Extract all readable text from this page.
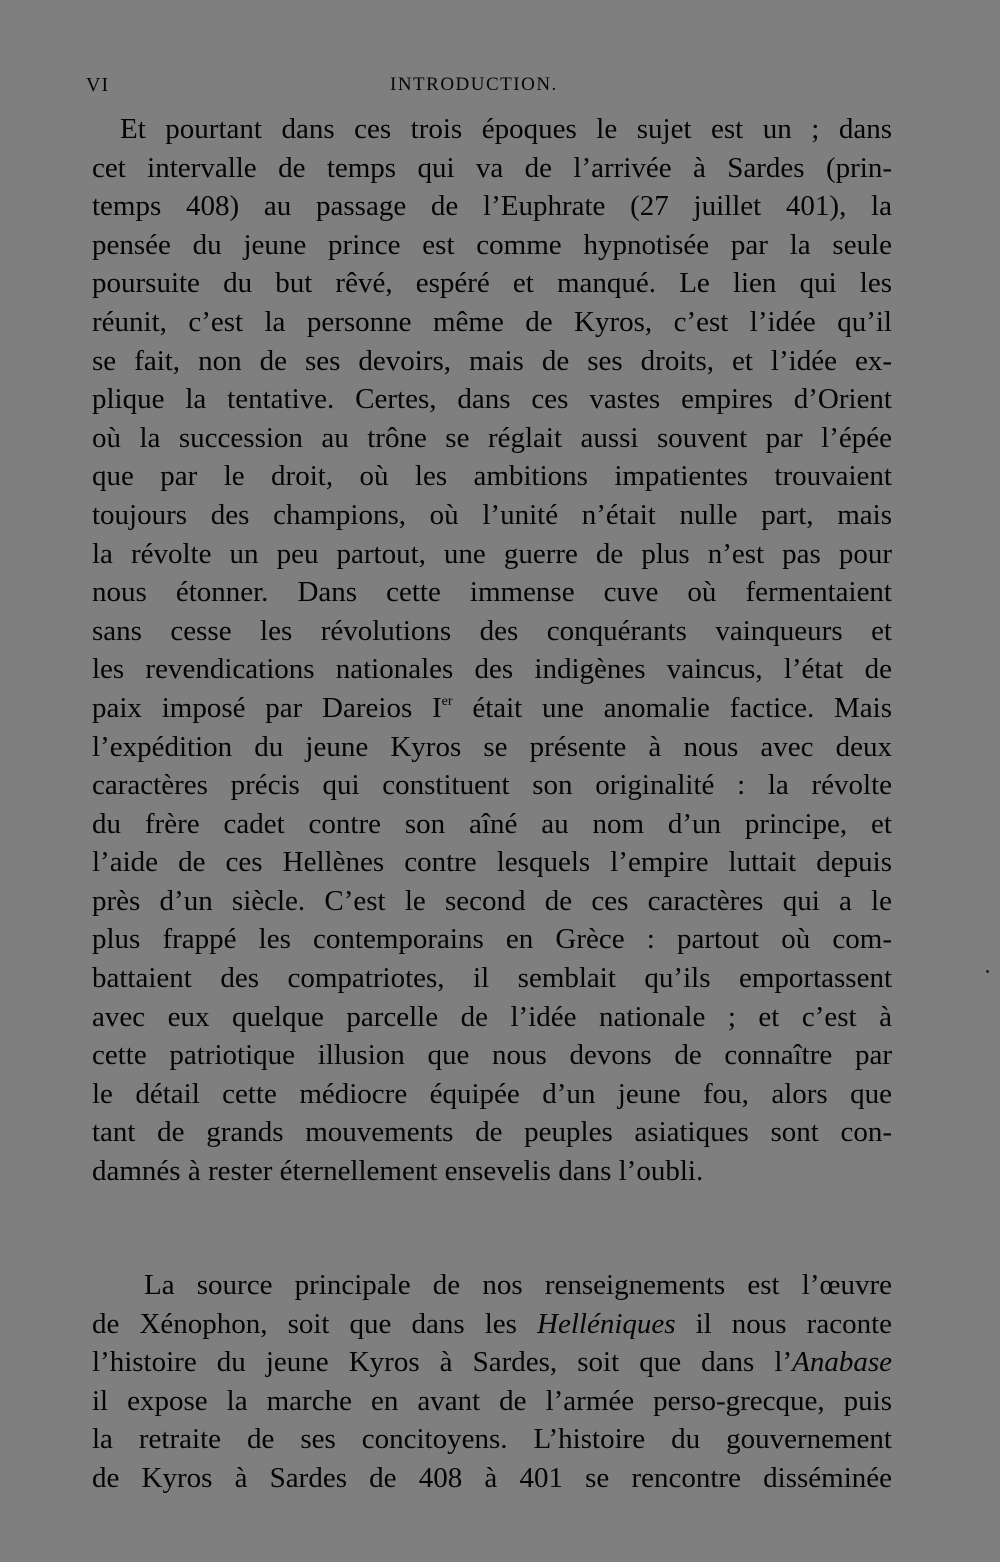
VI	INTRODUCTION.
Et pourtant dans ces trois époques le sujet est un ; dans
cet intervalle de temps qui va de l’arrivée à Sardes (prin-
temps 408) au passage de l’Euphrate (27 juillet 401), la
pensée du jeune prince est comme hypnotisée par la seule
poursuite du but rêvé, espéré et manqué. Le lien qui les
réunit, c’est la personne même de Kyros, c’est l’idée qu’il
se fait, non de ses devoirs, mais de ses droits, et l’idée ex-
plique la tentative. Certes, dans ces vastes empires d’Orient
où la succession au trône se réglait aussi souvent par l’épée
que par le droit, où les ambitions impatientes trouvaient
toujours des champions, où l’unité n’était nulle part, mais
la révolte un peu partout, une guerre de plus n’est pas pour
nous étonner. Dans cette immense cuve où fermentaient
sans cesse les révolutions des conquérants vainqueurs et
les revendications nationales des indigènes vaincus, l’état de
paix imposé par Dareios Ier était une anomalie factice. Mais
l’expédition du jeune Kyros se présente à nous avec deux
caractères précis qui constituent son originalité : la révolte
du frère cadet contre son aîné au nom d’un principe, et
l’aide de ces Hellènes contre lesquels l’empire luttait depuis
près d’un siècle. C’est le second de ces caractères qui a le
plus frappé les contemporains en Grèce : partout où com-
battaient des compatriotes, il semblait qu’ils emportassent
avec eux quelque parcelle de l’idée nationale ; et c’est à
cette patriotique illusion que nous devons de connaître par
le détail cette médiocre équipée d’un jeune fou, alors que
tant de grands mouvements de peuples asiatiques sont con-
damnés à rester éternellement ensevelis dans l’oubli.
La source principale de nos renseignements est l’œuvre
de Xénophon, soit que dans les Helléniques il nous raconte
l’histoire du jeune Kyros à Sardes, soit que dans l’Anabase
il expose la marche en avant de l’armée perso-grecque, puis
la retraite de ses concitoyens. L’histoire du gouvernement
de Kyros à Sardes de 408 à 401 se rencontre disséminée
